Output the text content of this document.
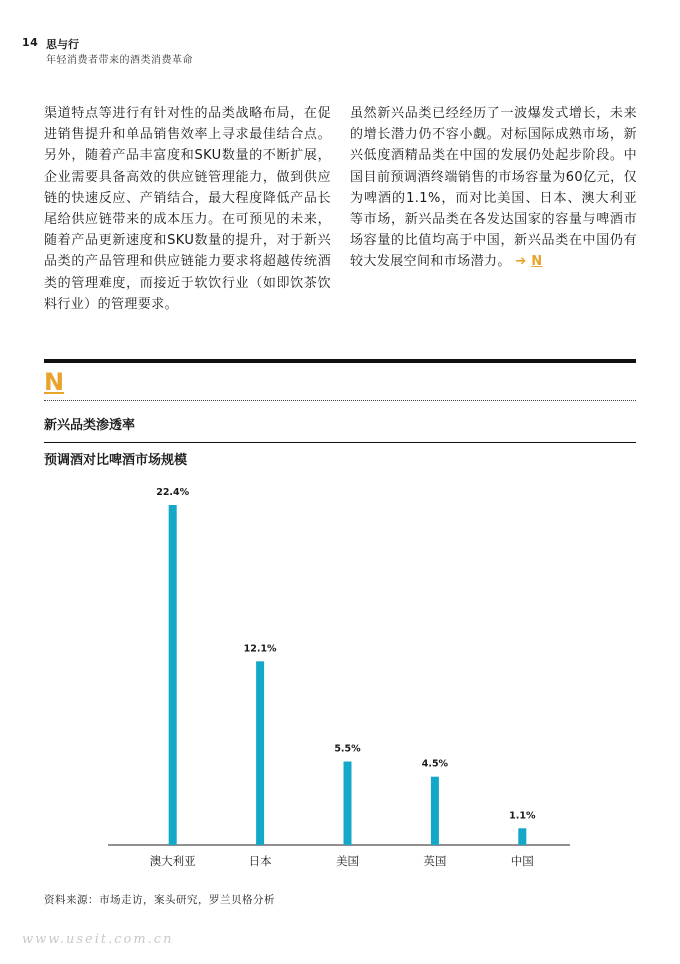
14 思与行
年轻消费者带来的酒类消费革命
渠道特点等进行有针对性的品类战略布局，在促进销售提升和单品销售效率上寻求最佳结合点。另外，随着产品丰富度和SKU数量的不断扩展，企业需要具备高效的供应链管理能力，做到供应链的快速反应、产销结合，最大程度降低产品长尾给供应链带来的成本压力。在可预见的未来，随着产品更新速度和SKU数量的提升，对于新兴品类的产品管理和供应链能力要求将超越传统酒类的管理难度，而接近于软饮行业（如即饮茶饮料行业）的管理要求。
虽然新兴品类已经经历了一波爆发式增长，未来的增长潜力仍不容小觑。对标国际成熟市场，新兴低度酒精品类在中国的发展仍处起步阶段。中国目前预调酒终端销售的市场容量为60亿元，仅为啤酒的1.1%，而对比美国、日本、澳大利亚等市场，新兴品类在各发达国家的容量与啤酒市场容量的比值均高于中国，新兴品类在中国仍有较大发展空间和市场潜力。 ➔ N
N
新兴品类渗透率
预调酒对比啤酒市场规模
22.4%
澳大利亚
12.1%
日本
5.5%
美国
4.5%
英国
1.1%
中国
资料来源：市场走访，案头研究，罗兰贝格分析
www.useit.com.cn
